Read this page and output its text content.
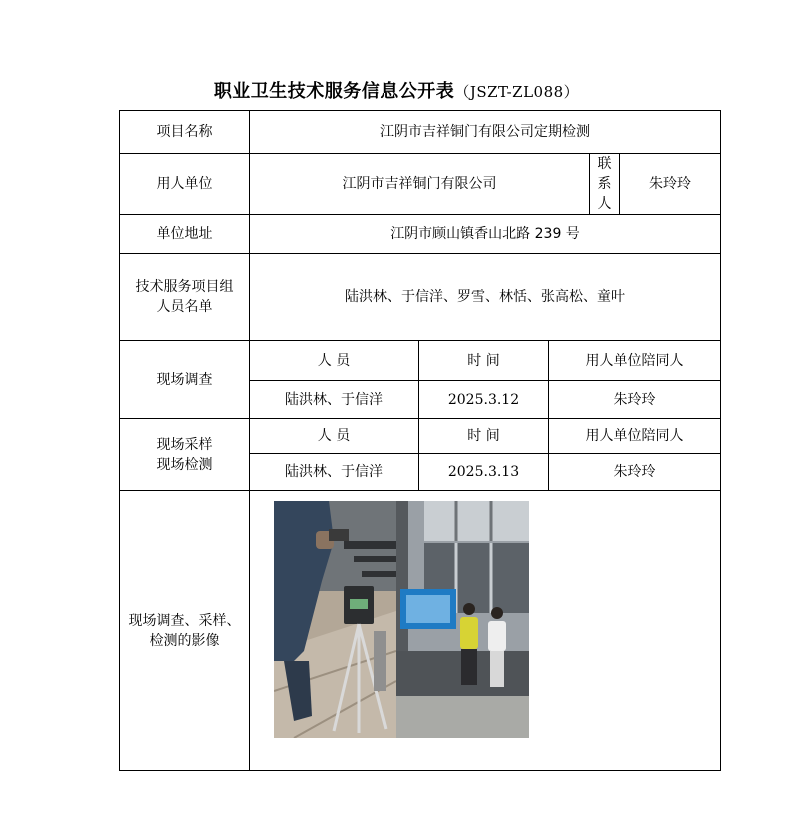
职业卫生技术服务信息公开表（JSZT-ZL088）
项目名称	江阴市吉祥铜门有限公司定期检测				
用人单位	江阴市吉祥铜门有限公司			联系人	朱玲玲
单位地址	江阴市顾山镇香山北路 239 号				

技术服务项目组
人员名单	陆洪林、于信洋、罗雪、林恬、张高松、童叶				
现场调查	人 员	时 间	用人单位陪同人		
	陆洪林、于信洋	2025.3.12	朱玲玲		

现场采样
现场检测	人 员	时 间	用人单位陪同人		
	陆洪林、于信洋	2025.3.13	朱玲玲		

现场调查、采样、
检测的影像
